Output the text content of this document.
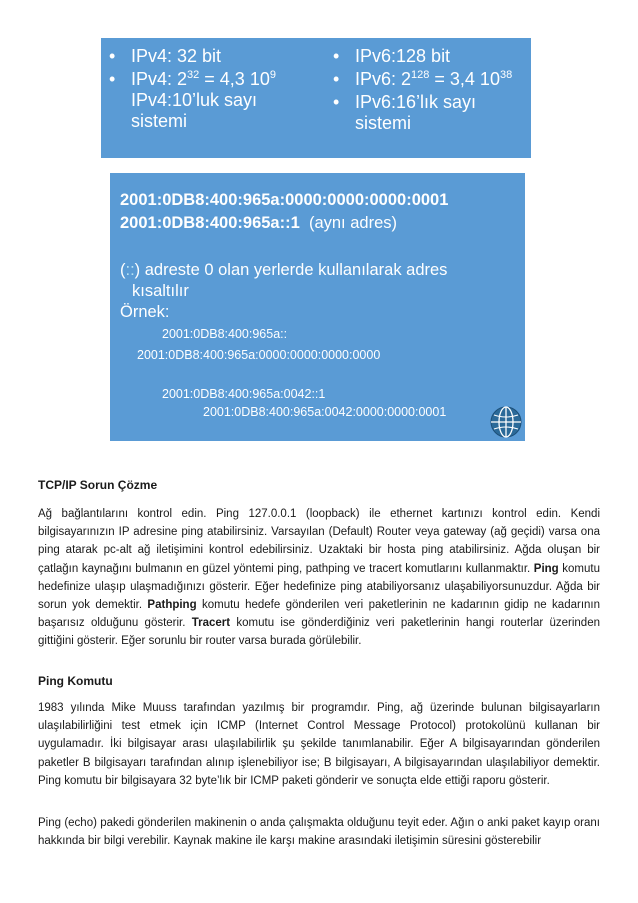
• IPv4: 32 bit
• IPv4: $2^{32} = 4,3$ $10^9$
IPv4:10’luk sayı
sistemi
• IPv6:128 bit
• IPv6: $2^{128} = 3,4$ $10^{38}$
• IPv6:16’lık sayı
sistemi
2001:0DB8:400:965a:0000:0000:0000:0001
2001:0DB8:400:965a::1 (aynı adres)
(::) adreste 0 olan yerlerde kullanılarak adres
kısaltılır
Örnek:
2001:0DB8:400:965a::
2001:0DB8:400:965a:0000:0000:0000:0000
2001:0DB8:400:965a:0042::1
2001:0DB8:400:965a:0042:0000:0000:0001
TCP/IP Sorun Çözme
Ağ bağlantılarını kontrol edin. Ping 127.0.0.1 (loopback) ile ethernet kartınızı kontrol edin. Kendi bilgisayarınızın IP adresine ping atabilirsiniz. Varsayılan (Default) Router veya gateway (ağ geçidi) varsa ona ping atarak pc-alt ağ iletişimini kontrol edebilirsiniz. Uzaktaki bir hosta ping atabilirsiniz. Ağda oluşan bir çatlağın kaynağını bulmanın en güzel yöntemi ping, pathping ve tracert komutlarını kullanmaktır. Ping komutu hedefinize ulaşıp ulaşmadığınızı gösterir. Eğer hedefinize ping atabiliyorsanız ulaşabiliyorsunuzdur. Ağda bir sorun yok demektir. Pathping komutu hedefe gönderilen veri paketlerinin ne kadarının gidip ne kadarının başarısız olduğunu gösterir. Tracert komutu ise gönderdiğiniz veri paketlerinin hangi routerlar üzerinden gittiğini gösterir. Eğer sorunlu bir router varsa burada görülebilir.
Ping Komutu
1983 yılında Mike Muuss tarafından yazılmış bir programdır. Ping, ağ üzerinde bulunan bilgisayarların ulaşılabilirliğini test etmek için ICMP (Internet Control Message Protocol) protokolünü kullanan bir uygulamadır. İki bilgisayar arası ulaşılabilirlik şu şekilde tanımlanabilir. Eğer A bilgisayarından gönderilen paketler B bilgisayarı tarafından alınıp işlenebiliyor ise; B bilgisayarı, A bilgisayarından ulaşılabiliyor demektir. Ping komutu bir bilgisayara 32 byte’lık bir ICMP paketi gönderir ve sonuçta elde ettiği raporu gösterir.
Ping (echo) pakedi gönderilen makinenin o anda çalışmakta olduğunu teyit eder. Ağın o anki paket kayıp oranı hakkında bir bilgi verebilir. Kaynak makine ile karşı makine arasındaki iletişimin süresini gösterebilir
